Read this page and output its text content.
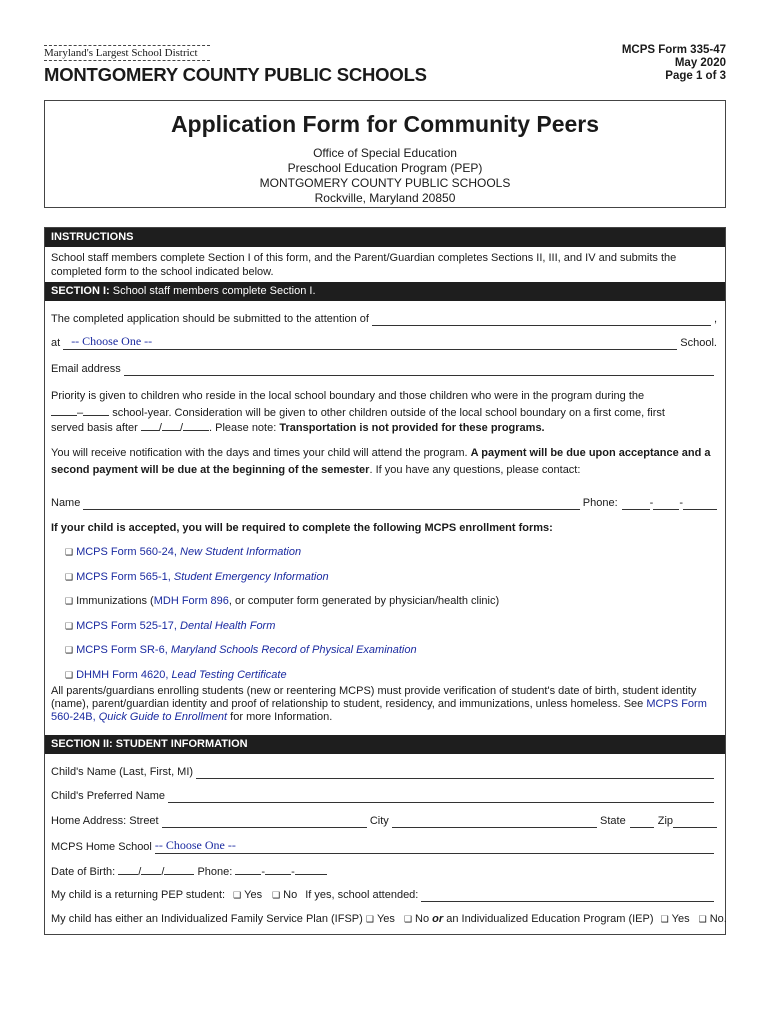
Maryland's Largest School District
MONTGOMERY COUNTY PUBLIC SCHOOLS
MCPS Form 335-47
May 2020
Page 1 of 3
Application Form for Community Peers
Office of Special Education
Preschool Education Program (PEP)
MONTGOMERY COUNTY PUBLIC SCHOOLS
Rockville, Maryland 20850
INSTRUCTIONS
School staff members complete Section I of this form, and the Parent/Guardian completes Sections II, III, and IV and submits the completed form to the school indicated below.
SECTION I: School staff members complete Section I.
The completed application should be submitted to the attention of	,
at -- Choose One --	School.
Email address
Priority is given to children who reside in the local school boundary and those children who were in the program during the
–	school-year. Consideration will be given to other children outside of the local school boundary on a first come, first
served basis after / / . Please note: Transportation is not provided for these programs.
You will receive notification with the days and times your child will attend the program. A payment will be due upon acceptance and a second payment will be due at the beginning of the semester. If you have any questions, please contact:
Name	Phone:	- -
If your child is accepted, you will be required to complete the following MCPS enrollment forms:
❑ MCPS Form 560-24, New Student Information
❑ MCPS Form 565-1, Student Emergency Information
❑ Immunizations (MDH Form 896, or computer form generated by physician/health clinic)
❑ MCPS Form 525-17, Dental Health Form
❑ MCPS Form SR-6, Maryland Schools Record of Physical Examination
❑ DHMH Form 4620, Lead Testing Certificate
All parents/guardians enrolling students (new or reentering MCPS) must provide verification of student's date of birth, student identity (name), parent/guardian identity and proof of relationship to student, residency, and immunizations, unless homeless. See MCPS Form 560-24B, Quick Guide to Enrollment for more Information.
SECTION II: STUDENT INFORMATION
Child's Name (Last, First, MI)
Child's Preferred Name
Home Address: Street	City	State	Zip
MCPS Home School -- Choose One --
Date of Birth: / /	Phone:	- -
My child is a returning PEP student: ❑ Yes ❑ No If yes, school attended:
My child has either an Individualized Family Service Plan (IFSP) ❑ Yes ❑ No or an Individualized Education Program (IEP) ❑ Yes ❑ No.
